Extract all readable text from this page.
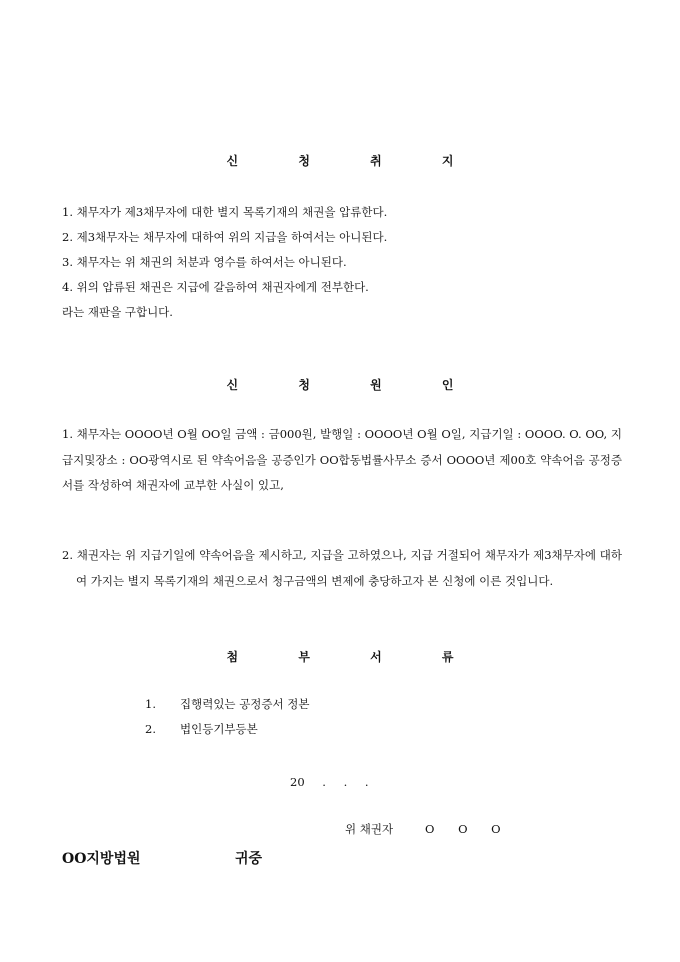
신 청 취 지
1. 채무자가 제3채무자에 대한 별지 목록기재의 채권을 압류한다.
2. 제3채무자는 채무자에 대하여 위의 지급을 하여서는 아니된다.
3. 채무자는 위 채권의 처분과 영수를 하여서는 아니된다.
4. 위의 압류된 채권은 지급에 갈음하여 채권자에게 전부한다.
라는 재판을 구합니다.
신 청 원 인
1. 채무자는 OOOO년 O월 OO일 금액 : 금000원, 발행일 : OOOO년 O월 O일, 지급기일 : OOOO. O. OO, 지급지및장소 : OO광역시로 된 약속어음을 공증인가 OO합동법률사무소 증서 OOOO년 제00호 약속어음 공정증서를 작성하여 채권자에 교부한 사실이 있고,
2. 채권자는 위 지급기일에 약속어음을 제시하고, 지급을 고하였으나, 지급 거절되어 채무자가 제3채무자에 대하여 가지는 별지 목록기재의 채권으로서 청구금액의 변제에 충당하고자 본 신청에 이른 것입니다.
첨 부 서 류
1. 집행력있는 공정증서 정본
2. 법인등기부등본
20 . . .
위 채권자	O O O
OO지방법원	귀중
